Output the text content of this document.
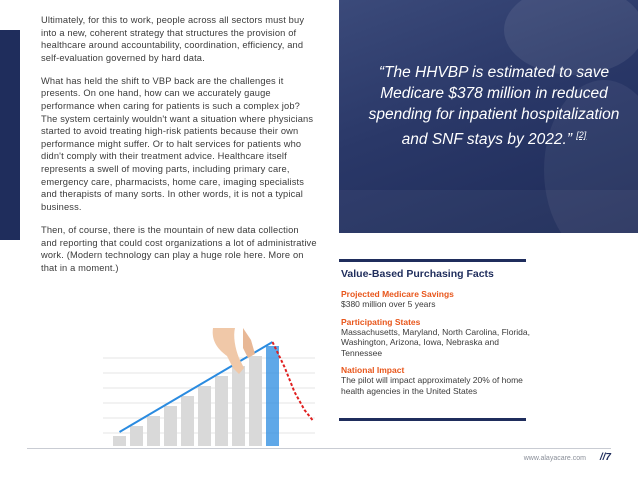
Ultimately, for this to work, people across all sectors must buy into a new, coherent strategy that structures the provision of healthcare around accountability, coordination, efficiency, and self-evaluation governed by hard data.

What has held the shift to VBP back are the challenges it presents. On one hand, how can we accurately gauge performance when caring for patients is such a complex job? The system certainly wouldn't want a situation where physicians started to avoid treating high-risk patients because their own performance might suffer. Or to halt services for patients who didn't comply with their treatment advice. Healthcare itself represents a swell of moving parts, including primary care, emergency care, pharmacists, home care, imaging specialists and therapists of many sorts. In other words, it is not a typical business.

Then, of course, there is the mountain of new data collection and reporting that could cost organizations a lot of administrative work. (Modern technology can play a huge role here. More on that in a moment.)

“The HHVBP is estimated to save Medicare $378 million in reduced spending for inpatient hospitalization and SNF stays by 2022.” [2]
Value-Based Purchasing Facts
Projected Medicare Savings
$380 million over 5 years
Participating States
Massachusetts, Maryland, North Carolina, Florida, Washington, Arizona, Iowa, Nebraska and Tennessee
National Impact
The pilot will impact approximately 20% of home health agencies in the United States
www.alayacare.com //7
